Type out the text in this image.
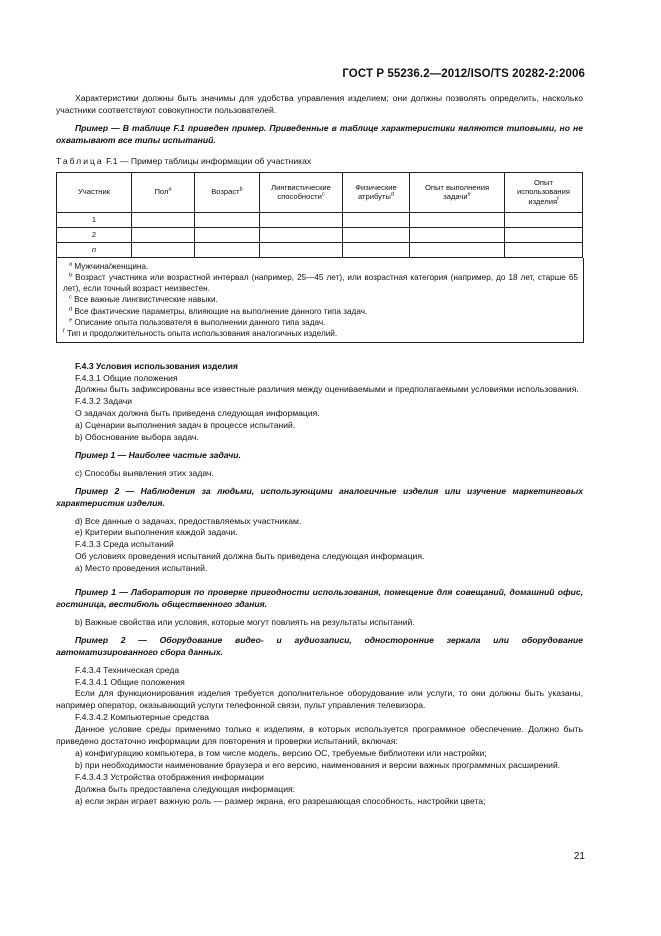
ГОСТ Р 55236.2—2012/ISO/TS 20282-2:2006

Характеристики должны быть значимы для удобства управления изделием; они должны позволять определить, насколько участники соответствуют совокупности пользователей.

Пример — В таблице F.1 приведен пример. Приведенные в таблице характеристики являются типовыми, но не охватывают все типы испытаний.

Таблица F.1 — Пример таблицы информации об участниках
Участник	Пол$^a$	Возраст$^b$	Лингвистические способности$^c$	Физические атрибуты$^d$	Опыт выполнения задачи$^e$	Опыт использования изделия$^f$
1						
2						
n						
$^a$ Мужчина/женщина.
$^b$ Возраст участника или возрастной интервал (например, 25—45 лет), или возрастная категория (например, до 18 лет, старше 65 лет), если точный возраст неизвестен.
$^c$ Все важные лингвистические навыки.
$^d$ Все фактические параметры, влияющие на выполнение данного типа задач.
$^e$ Описание опыта пользователя в выполнении данного типа задач.
$^f$ Тип и продолжительность опыта использования аналогичных изделий.

F.4.3 Условия использования изделия

F.4.3.1 Общие положения

Должны быть зафиксированы все известные различия между оцениваемыми и предполагаемыми условиями использования.

F.4.3.2 Задачи

О задачах должна быть приведена следующая информация.

a) Сценарии выполнения задач в процессе испытаний.

b) Обоснование выбора задач.

Пример 1 — Наиболее частые задачи.

c) Способы выявления этих задач.

Пример 2 — Наблюдения за людьми, использующими аналогичные изделия или изучение маркетинговых характеристик изделия.

d) Все данные о задачах, предоставляемых участникам.

e) Критерии выполнения каждой задачи.

F.4.3.3 Среда испытаний

Об условиях проведения испытаний должна быть приведена следующая информация.

a) Место проведения испытаний.

Пример 1 — Лаборатория по проверке пригодности использования, помещение для совещаний, домашний офис, гостиница, вестибюль общественного здания.

b) Важные свойства или условия, которые могут повлиять на результаты испытаний.

Пример 2 — Оборудование видео- и аудиозаписи, односторонние зеркала или оборудование автоматизированного сбора данных.

F.4.3.4 Техническая среда

F.4.3.4.1 Общие положения

Если для функционирования изделия требуется дополнительное оборудование или услуги, то они должны быть указаны, например оператор, оказывающий услуги телефонной связи, пульт управления телевизора.

F.4.3.4.2 Компьютерные средства

Данное условие среды применимо только к изделиям, в которых используется программное обеспечение. Должно быть приведено достаточно информации для повторения и проверки испытаний, включая:

a) конфигурацию компьютера, в том числе модель, версию ОС, требуемые библиотеки или настройки;

b) при необходимости наименование браузера и его версию, наименования и версии важных программных расширений.

F.4.3.4.3 Устройства отображения информации

Должна быть предоставлена следующая информация:

a) если экран играет важную роль — размер экрана, его разрешающая способность, настройки цвета;

21
